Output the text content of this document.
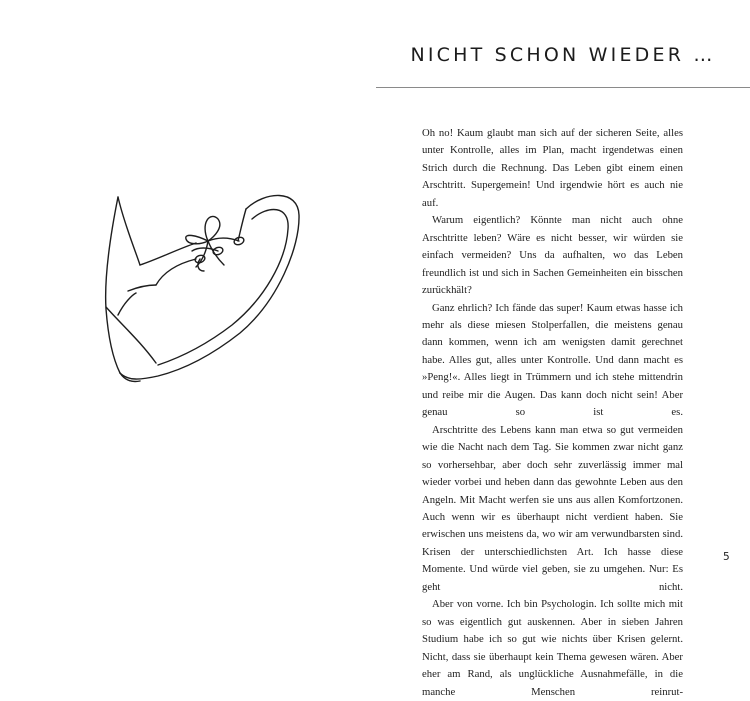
NICHT SCHON WIEDER …

Oh no! Kaum glaubt man sich auf der sicheren Seite, alles unter Kontrolle, alles im Plan, macht irgendetwas einen Strich durch die Rechnung. Das Leben gibt einem einen Arschtritt. Supergemein! Und irgendwie hört es auch nie auf.

Warum eigentlich? Könnte man nicht auch ohne Arschtritte leben? Wäre es nicht besser, wir würden sie einfach vermeiden? Uns da aufhalten, wo das Leben freundlich ist und sich in Sachen Gemeinheiten ein bisschen zurückhält?

Ganz ehrlich? Ich fände das super! Kaum etwas hasse ich mehr als diese miesen Stolperfallen, die meistens genau dann kommen, wenn ich am wenigsten damit gerechnet habe. Alles gut, alles unter Kontrolle. Und dann macht es »Peng!«. Alles liegt in Trümmern und ich stehe mittendrin und reibe mir die Augen. Das kann doch nicht sein! Aber genau so ist es.

Arschtritte des Lebens kann man etwa so gut vermeiden wie die Nacht nach dem Tag. Sie kommen zwar nicht ganz so vorhersehbar, aber doch sehr zuverlässig immer mal wieder vorbei und heben dann das gewohnte Leben aus den Angeln. Mit Macht werfen sie uns aus allen Komfortzonen. Auch wenn wir es überhaupt nicht verdient haben. Sie erwischen uns meistens da, wo wir am verwundbarsten sind. Krisen der unterschiedlichsten Art. Ich hasse diese Momente. Und würde viel geben, sie zu umgehen. Nur: Es geht nicht.

Aber von vorne. Ich bin Psychologin. Ich sollte mich mit so was eigentlich gut auskennen. Aber in sieben Jahren Studium habe ich so gut wie nichts über Krisen gelernt. Nicht, dass sie überhaupt kein Thema gewesen wären. Aber eher am Rand, als unglückliche Ausnahmefälle, in die manche Menschen reinrut-

5
